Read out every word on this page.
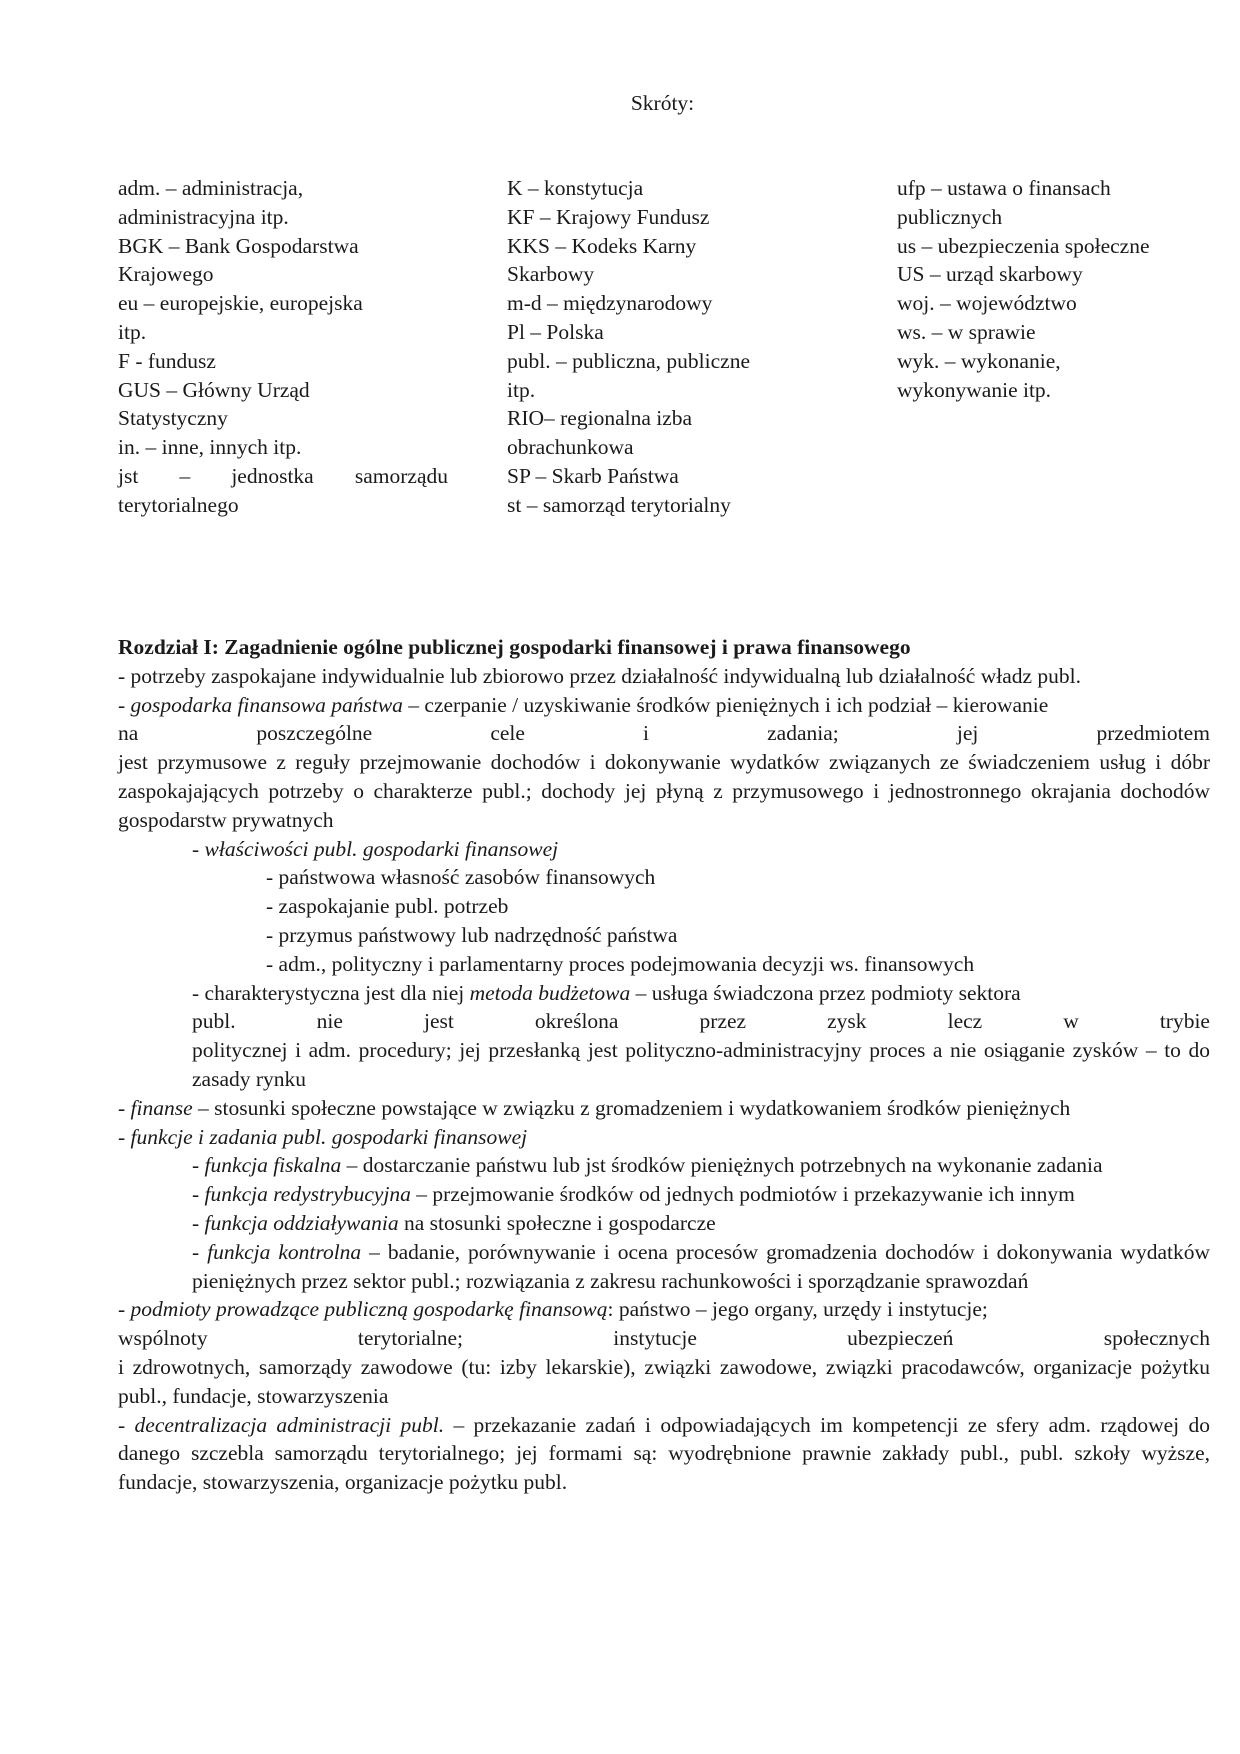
Skróty:
adm. – administracja,
administracyjna itp.
BGK – Bank Gospodarstwa
Krajowego
eu – europejskie, europejska
itp.
F - fundusz
GUS – Główny Urząd
Statystyczny
in. – inne, innych itp.
jst – jednostka samorządu
terytorialnego
K – konstytucja
KF – Krajowy Fundusz
KKS – Kodeks Karny
Skarbowy
m-d – międzynarodowy
Pl – Polska
publ. – publiczna, publiczne
itp.
RIO– regionalna izba
obrachunkowa
SP – Skarb Państwa
st – samorząd terytorialny
ufp – ustawa o finansach
publicznych
us – ubezpieczenia społeczne
US – urząd skarbowy
woj. – województwo
ws. – w sprawie
wyk. – wykonanie,
wykonywanie itp.
Rozdział I: Zagadnienie ogólne publicznej gospodarki finansowej i prawa finansowego
- potrzeby zaspokajane indywidualnie lub zbiorowo przez działalność indywidualną lub działalność władz publ.
- gospodarka finansowa państwa – czerpanie / uzyskiwanie środków pieniężnych i ich podział – kierowanie
na	poszczególne	cele	i	zadania;	jej	przedmiotem
jest przymusowe z reguły przejmowanie dochodów i dokonywanie wydatków związanych ze świadczeniem usług i dóbr zaspokajających potrzeby o charakterze publ.; dochody jej płyną z przymusowego i jednostronnego okrajania dochodów gospodarstw prywatnych
- właściwości publ. gospodarki finansowej
- państwowa własność zasobów finansowych
- zaspokajanie publ. potrzeb
- przymus państwowy lub nadrzędność państwa
- adm., polityczny i parlamentarny proces podejmowania decyzji ws. finansowych
- charakterystyczna jest dla niej metoda budżetowa – usługa świadczona przez podmioty sektora
publ.	nie	jest	określona	przez	zysk	lecz	w	trybie
politycznej i adm. procedury; jej przesłanką jest polityczno-administracyjny proces a nie osiąganie zysków – to do zasady rynku
- finanse – stosunki społeczne powstające w związku z gromadzeniem i wydatkowaniem środków pieniężnych
- funkcje i zadania publ. gospodarki finansowej
- funkcja fiskalna – dostarczanie państwu lub jst środków pieniężnych potrzebnych na wykonanie zadania
- funkcja redystrybucyjna – przejmowanie środków od jednych podmiotów i przekazywanie ich innym
- funkcja oddziaływania na stosunki społeczne i gospodarcze
- funkcja kontrolna – badanie, porównywanie i ocena procesów gromadzenia dochodów i dokonywania wydatków pieniężnych przez sektor publ.; rozwiązania z zakresu rachunkowości i sporządzanie sprawozdań
- podmioty prowadzące publiczną gospodarkę finansową: państwo – jego organy, urzędy i instytucje;
wspólnoty	terytorialne;	instytucje	ubezpieczeń	społecznych
i zdrowotnych, samorządy zawodowe (tu: izby lekarskie), związki zawodowe, związki pracodawców, organizacje pożytku publ., fundacje, stowarzyszenia
- decentralizacja administracji publ. – przekazanie zadań i odpowiadających im kompetencji ze sfery adm. rządowej do danego szczebla samorządu terytorialnego; jej formami są: wyodrębnione prawnie zakłady publ., publ. szkoły wyższe, fundacje, stowarzyszenia, organizacje pożytku publ.
